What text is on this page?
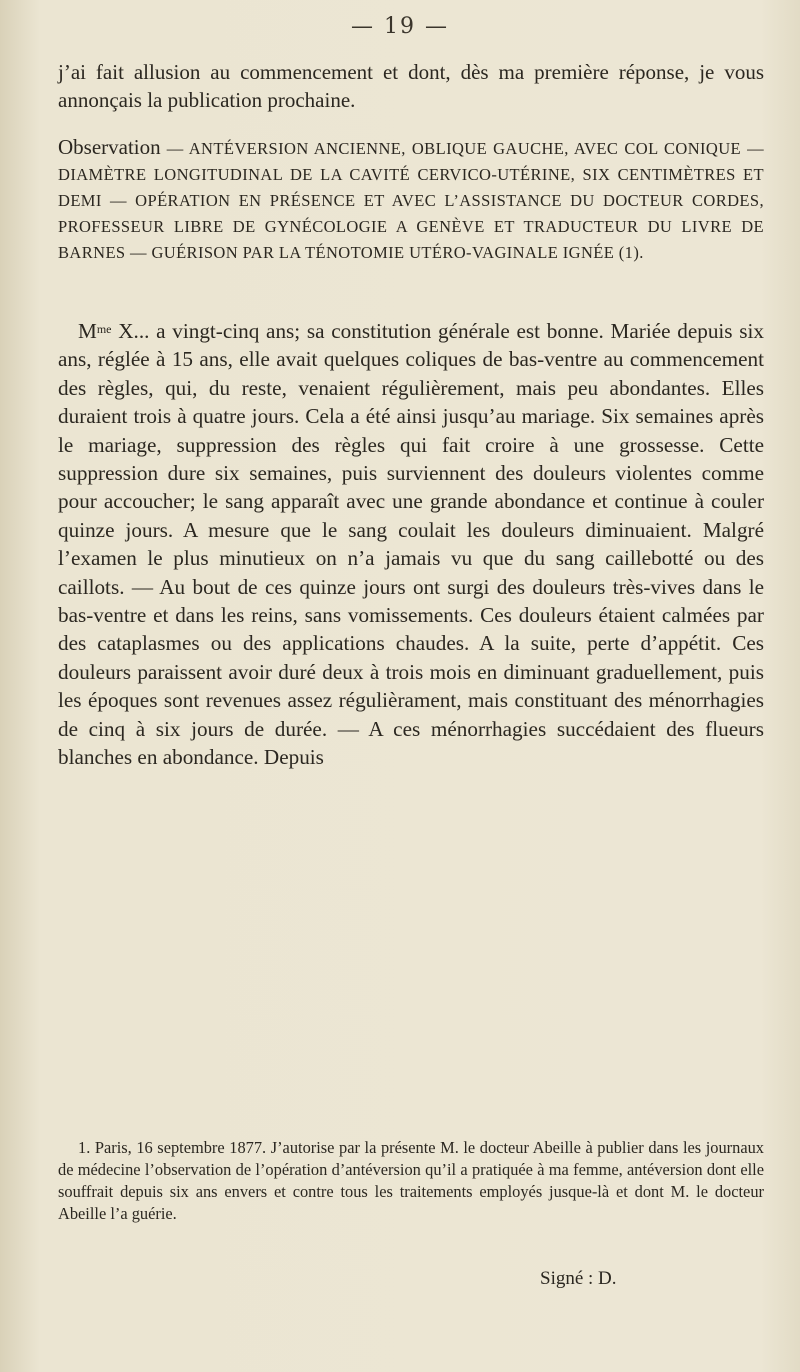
— 19 —
j’ai fait allusion au commencement et dont, dès ma première réponse, je vous annonçais la publication prochaine.
Observation — ANTÉVERSION ANCIENNE, OBLIQUE GAUCHE, AVEC COL CONIQUE — DIAMÈTRE LONGITUDINAL DE LA CAVITÉ CERVICO-UTÉRINE, SIX CENTIMÈTRES ET DEMI — OPÉRATION EN PRÉSENCE ET AVEC L’ASSISTANCE DU DOCTEUR CORDES, PROFESSEUR LIBRE DE GYNÉCOLOGIE A GENÈVE ET TRADUCTEUR DU LIVRE DE BARNES — GUÉRISON PAR LA TÉNOTOMIE UTÉRO-VAGINALE IGNÉE (1).
$M^{me}$ X... a vingt-cinq ans; sa constitution générale est bonne. Mariée depuis six ans, réglée à 15 ans, elle avait quelques coliques de bas-ventre au commencement des règles, qui, du reste, venaient régulièrement, mais peu abondantes. Elles duraient trois à quatre jours. Cela a été ainsi jusqu’au mariage. Six semaines après le mariage, suppression des règles qui fait croire à une grossesse. Cette suppression dure six semaines, puis surviennent des douleurs violentes comme pour accoucher; le sang apparaît avec une grande abondance et continue à couler quinze jours. A mesure que le sang coulait les douleurs diminuaient. Malgré l’examen le plus minutieux on n’a jamais vu que du sang caillebotté ou des caillots. — Au bout de ces quinze jours ont surgi des douleurs très-vives dans le bas-ventre et dans les reins, sans vomissements. Ces douleurs étaient calmées par des cataplasmes ou des applications chaudes. A la suite, perte d’appétit. Ces douleurs paraissent avoir duré deux à trois mois en diminuant graduellement, puis les époques sont revenues assez régulièrament, mais constituant des ménorrhagies de cinq à six jours de durée. — A ces ménorrhagies succédaient des flueurs blanches en abondance. Depuis
1. Paris, 16 septembre 1877. J’autorise par la présente M. le docteur Abeille à publier dans les journaux de médecine l’observation de l’opération d’antéversion qu’il a pratiquée à ma femme, antéversion dont elle souffrait depuis six ans envers et contre tous les traitements employés jusque-là et dont M. le docteur Abeille l’a guérie.
Signé : D.
